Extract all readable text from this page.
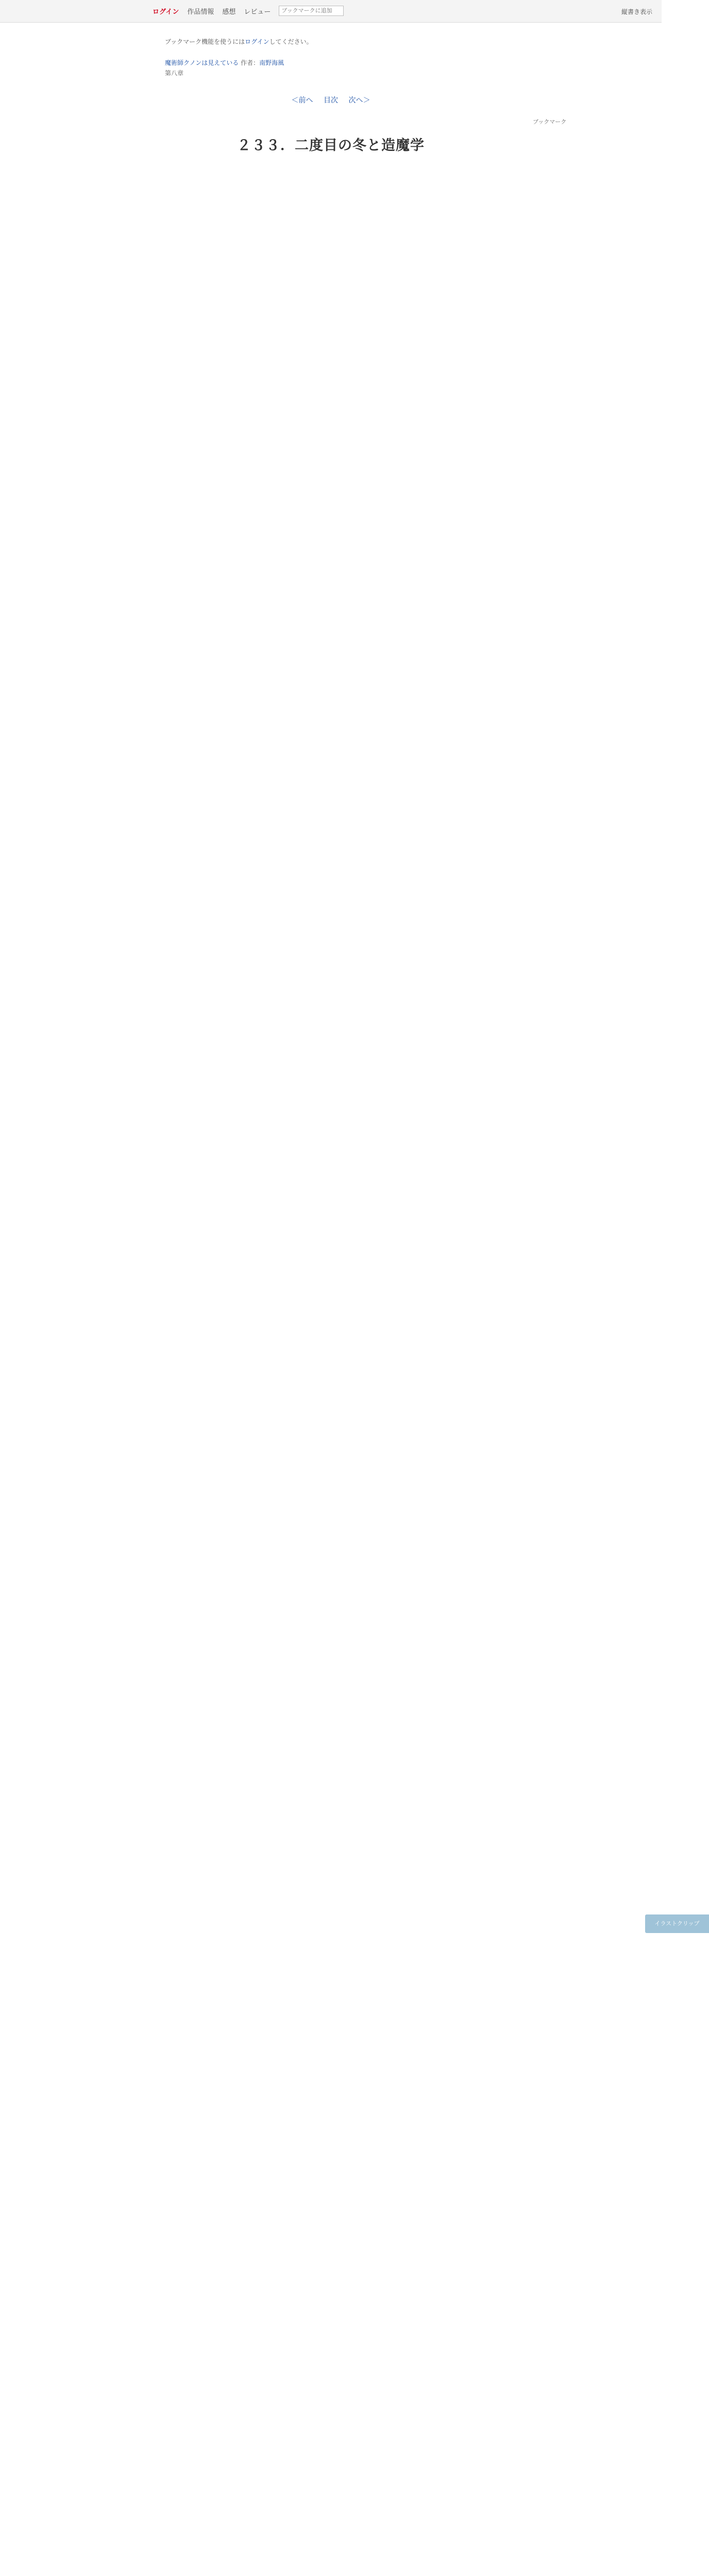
ログイン 作品情報 感想 レビュー
ブックマークに追加	縦書き表示
ブックマーク機能を使うにはログインしてください。
魔術師クノンは見えている 作者：南野海風
第八章
＜前へ 目次 次へ＞
ブックマーク
２３３．二度目の冬と造魔学
イラストクリップ
